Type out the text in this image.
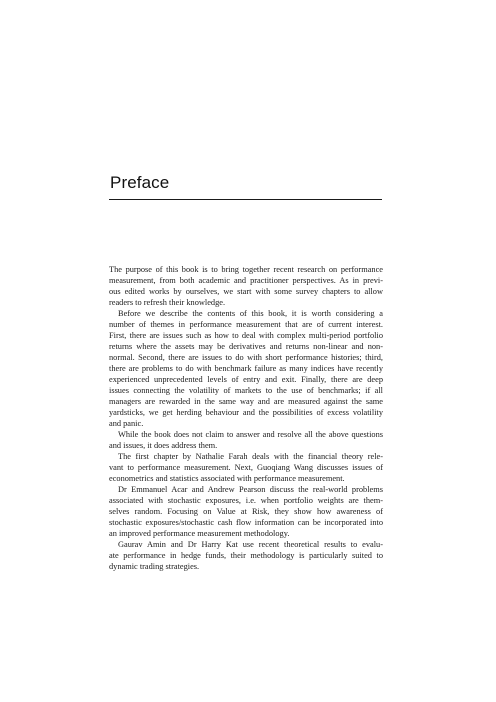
Preface
The purpose of this book is to bring together recent research on performance
measurement, from both academic and practitioner perspectives. As in previ-
ous edited works by ourselves, we start with some survey chapters to allow
readers to refresh their knowledge.
Before we describe the contents of this book, it is worth considering a
number of themes in performance measurement that are of current interest.
First, there are issues such as how to deal with complex multi-period portfolio
returns where the assets may be derivatives and returns non-linear and non-
normal. Second, there are issues to do with short performance histories; third,
there are problems to do with benchmark failure as many indices have recently
experienced unprecedented levels of entry and exit. Finally, there are deep
issues connecting the volatility of markets to the use of benchmarks; if all
managers are rewarded in the same way and are measured against the same
yardsticks, we get herding behaviour and the possibilities of excess volatility
and panic.
While the book does not claim to answer and resolve all the above questions
and issues, it does address them.
The first chapter by Nathalie Farah deals with the financial theory rele-
vant to performance measurement. Next, Guoqiang Wang discusses issues of
econometrics and statistics associated with performance measurement.
Dr Emmanuel Acar and Andrew Pearson discuss the real-world problems
associated with stochastic exposures, i.e. when portfolio weights are them-
selves random. Focusing on Value at Risk, they show how awareness of
stochastic exposures/stochastic cash flow information can be incorporated into
an improved performance measurement methodology.
Gaurav Amin and Dr Harry Kat use recent theoretical results to evalu-
ate performance in hedge funds, their methodology is particularly suited to
dynamic trading strategies.
